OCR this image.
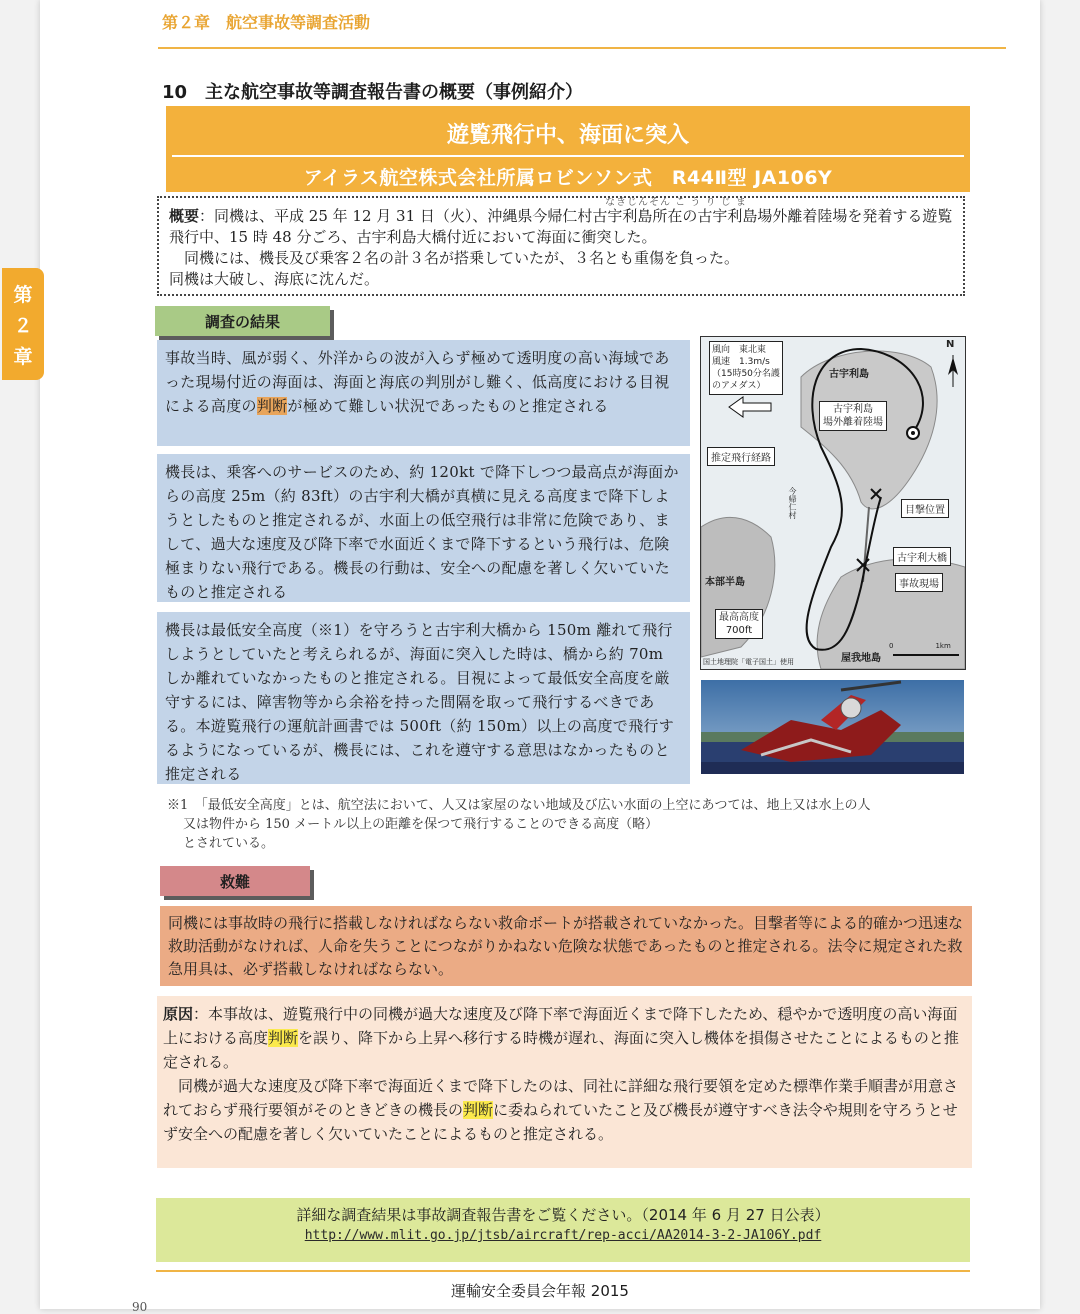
第２章　航空事故等調査活動
10　主な航空事故等調査報告書の概要（事例紹介）
遊覧飛行中、海面に突入
アイラス航空株式会社所属ロビンソン式　R44Ⅱ型 JA106Y
なきじんそん こ う り じ ま

概要：同機は、平成 25 年 12 月 31 日（火）、沖縄県今帰仁村古宇利島所在の古宇利島場外離着陸場を発着する遊覧飛行中、15 時 48 分ごろ、古宇利島大橋付近において海面に衝突した。

　同機には、機長及び乗客２名の計３名が搭乗していたが、３名とも重傷を負った。

同機は大破し、海底に沈んだ。

調査の結果
事故当時、風が弱く、外洋からの波が入らず極めて透明度の高い海域であった現場付近の海面は、海面と海底の判別がし難く、低高度における目視による高度の判断が極めて難しい状況であったものと推定される
機長は、乗客へのサービスのため、約 120kt で降下しつつ最高点が海面からの高度 25m（約 83ft）の古宇利大橋が真横に見える高度まで降下しようとしたものと推定されるが、水面上の低空飛行は非常に危険であり、まして、過大な速度及び降下率で水面近くまで降下するという飛行は、危険極まりない飛行である。機長の行動は、安全への配慮を著しく欠いていたものと推定される
機長は最低安全高度（※1）を守ろうと古宇利大橋から 150m 離れて飛行しようとしていたと考えられるが、海面に突入した時は、橋から約 70m しか離れていなかったものと推定される。目視によって最低安全高度を厳守するには、障害物等から余裕を持った間隔を取って飛行するべきである。本遊覧飛行の運航計画書では 500ft（約 150m）以上の高度で飛行するようになっているが、機長には、これを遵守する意思はなかったものと推定される
風向　東北東
風速　1.3m/s
（15時50分名護
のアメダス）
N
古宇利島
古宇利島
場外離着陸場
推定飛行経路
目撃位置
古宇利大橋
事故現場
本部半島
最高高度
700ft
屋我地島
0　　　　　　1km
国土地理院「電子国土」使用
今帰仁村

※1　「最低安全高度」とは、航空法において、人又は家屋のない地域及び広い水面の上空にあつては、地上又は水上の人

又は物件から 150 メートル以上の距離を保つて飛行することのできる高度（略）

とされている。

救難
同機には事故時の飛行に搭載しなければならない救命ボートが搭載されていなかった。目撃者等による的確かつ迅速な救助活動がなければ、人命を失うことにつながりかねない危険な状態であったものと推定される。法令に規定された救急用具は、必ず搭載しなければならない。

原因：本事故は、遊覧飛行中の同機が過大な速度及び降下率で海面近くまで降下したため、穏やかで透明度の高い海面上における高度判断を誤り、降下から上昇へ移行する時機が遅れ、海面に突入し機体を損傷させたことによるものと推定される。

　同機が過大な速度及び降下率で海面近くまで降下したのは、同社に詳細な飛行要領を定めた標準作業手順書が用意されておらず飛行要領がそのときどきの機長の判断に委ねられていたこと及び機長が遵守すべき法令や規則を守ろうとせず安全への配慮を著しく欠いていたことによるものと推定される。

詳細な調査結果は事故調査報告書をご覧ください。（2014 年 6 月 27 日公表）
http://www.mlit.go.jp/jtsb/aircraft/rep-acci/AA2014-3-2-JA106Y.pdf
運輸安全委員会年報 2015
90
第
２
章
